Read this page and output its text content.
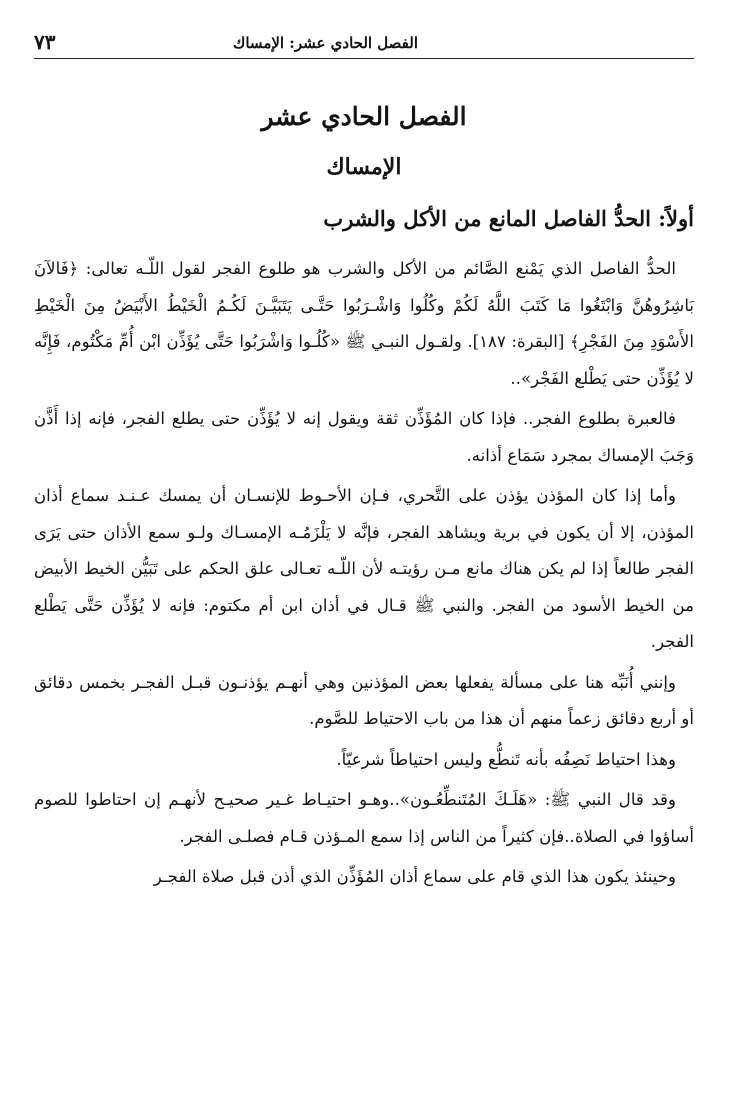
الفصل الحادي عشر: الإمساك
٧٣
الفصل الحادي عشر
الإمساك
أولاً: الحدُّ الفاصل المانع من الأكل والشرب

الحدُّ الفاصل الذي يَمْنع الصَّائم من الأكل والشرب هو طلوع الفجر لقول اللّـه تعالى: ﴿فَالآنَ بَاشِرُوهُنَّ وَابْتَغُوا مَا كَتَبَ اللَّهُ لَكُمْ وكُلُوا وَاشْـرَبُوا حَتَّـى يَتَبَيَّـنَ لَكُـمُ الْخَيْطُ الأَبْيَضُ مِنَ الْخَيْطِ الأَسْوَدِ مِنَ الفَجْرِ﴾ [البقرة: ١٨٧]. ولقـول النبـي ﷺ «كُلُـوا وَاشْرَبُوا حَتَّى يُؤَذِّن ابْن أُمِّ مَكْتُوم، فَإِنَّه لا يُؤَذِّن حتى يَطْلع الفَجْر»..

فالعبرة بطلوع الفجر.. فإذا كان المُؤَذِّن ثقة ويقول إنه لا يُؤَذِّن حتى يطلع الفجر، فإنه إذا أَذَّن وَجَبَ الإمساك بمجرد سَمَاع أذانه.

وأما إذا كان المؤذن يؤذن على التَّحري، فـإن الأحـوط للإنسـان أن يمسك عـنـد سماع أذان المؤذن، إلا أن يكون في برية ويشاهد الفجر، فإنَّه لا يَلْزَمُـه الإمسـاك ولـو سمع الأذان حتى يَرَى الفجر طالعاً إذا لم يكن هناك مانع مـن رؤيتـه لأن اللّـه تعـالى علق الحكم على تَبَيُّن الخيط الأبيض من الخيط الأسود من الفجر. والنبي ﷺ قـال في أذان ابن أم مكتوم: فإنه لا يُؤَذِّن حَتَّى يَطْلع الفجر.

وإنني أُنَبِّه هنا على مسألة يفعلها بعض المؤذنين وهي أنهـم يؤذنـون قبـل الفجـر بخمس دقائق أو أربع دقائق زعماً منهم أن هذا من باب الاحتياط للصَّوم.

وهذا احتياط نَصِفُه بأنه تَنطُّع وليس احتياطاً شرعيّاً.

وقد قال النبي ﷺ: «هَلَـكَ المُتَنطِّعُـون»..وهـو احتيـاط غـير صحيـح لأنهـم إن احتاطوا للصوم أساؤوا في الصلاة..فإن كثيراً من الناس إذا سمع المـؤذن قـام فصلـى الفجر.

وحينئذ يكون هذا الذي قام على سماع أذان المُؤَذِّن الذي أذن قبل صلاة الفجـر
